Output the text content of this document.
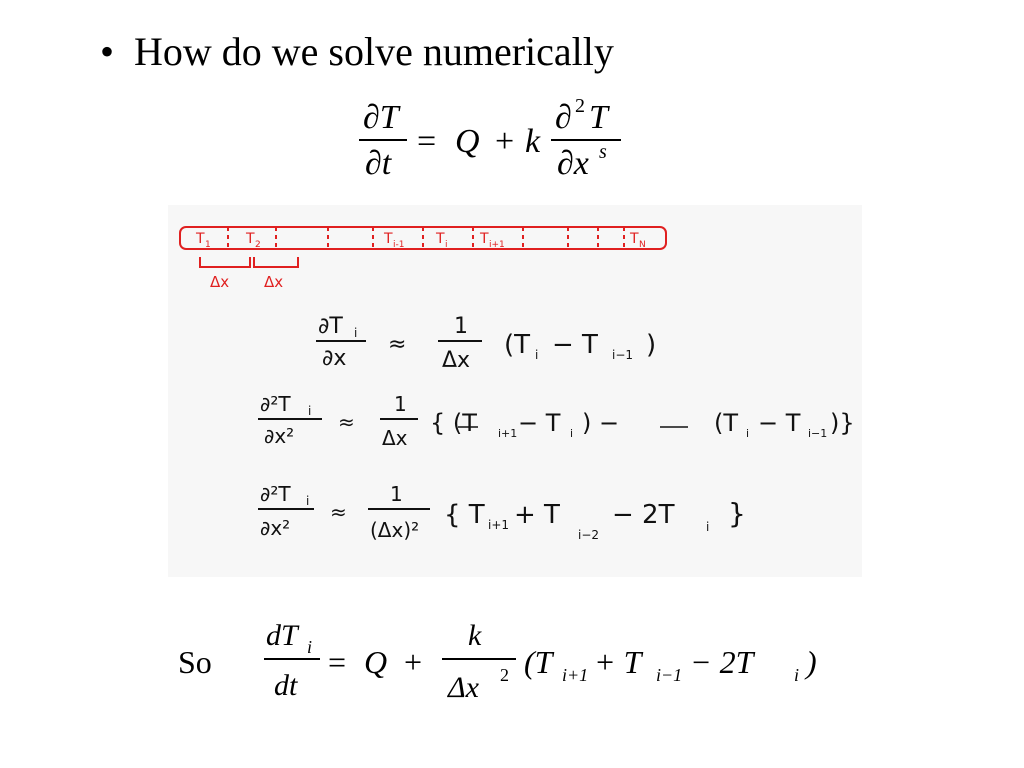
• How do we solve numerically
∂T
∂t
= Q + k
∂ 2 T
∂x s
T 1	T 2	T i-1 T i T i+1	T N
Δx Δx
∂T i
∂x
≈
1
Δx
(T i − T i−1 )
∂²T i
∂x²
≈
1
Δx
{ (T i+1 − T i ) −	(T i − T i−1 )}
∂²T i
∂x²
≈
1
(Δx)² { T i+1 + T
i−2
− 2T	i }
So
dT i
dt
= Q +
k
Δx 2 (T i+1 + T i−1 − 2T i )
